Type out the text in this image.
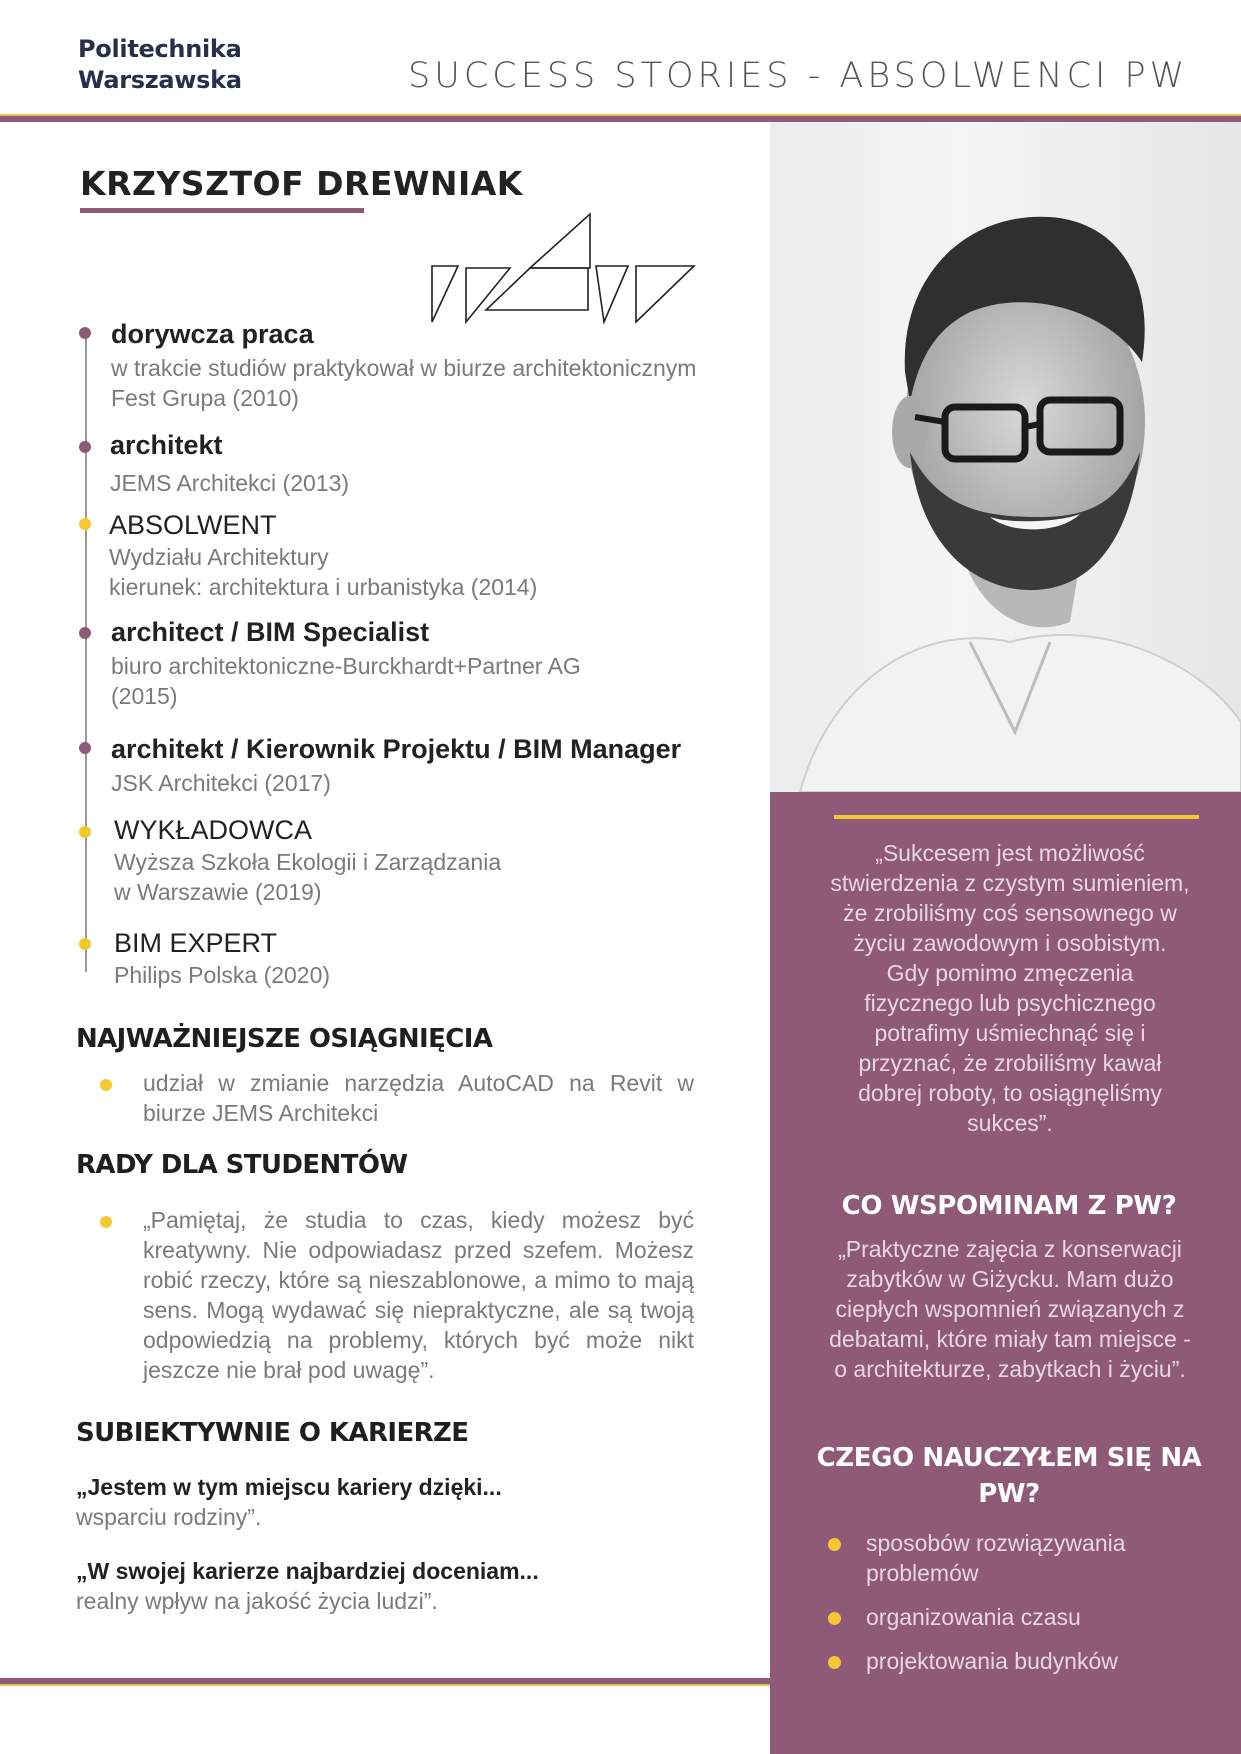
Politechnika
Warszawska	SUCCESS STORIES - ABSOLWENCI PW
„Sukcesem jest możliwość stwierdzenia z czystym sumieniem, że zrobiliśmy coś sensownego w życiu zawodowym i osobistym. Gdy pomimo zmęczenia fizycznego lub psychicznego potrafimy uśmiechnąć się i przyznać, że zrobiliśmy kawał dobrej roboty, to osiągnęliśmy sukces”.
CO WSPOMINAM Z PW?
„Praktyczne zajęcia z konserwacji zabytków w Giżycku. Mam dużo ciepłych wspomnień związanych z debatami, które miały tam miejsce - o architekturze, zabytkach i życiu”.
CZEGO NAUCZYŁEM SIĘ NA PW?
sposobów rozwiązywania problemów
organizowania czasu
projektowania budynków
KRZYSZTOF DREWNIAK
dorywcza praca
w trakcie studiów praktykował w biurze architektonicznym
Fest Grupa (2010)
architekt
JEMS Architekci (2013)
ABSOLWENT
Wydziału Architektury
kierunek: architektura i urbanistyka (2014)
architect / BIM Specialist
biuro architektoniczne-Burckhardt+Partner AG
(2015)
architekt / Kierownik Projektu / BIM Manager
JSK Architekci (2017)
WYKŁADOWCA
Wyższa Szkoła Ekologii i Zarządzania
w Warszawie (2019)
BIM EXPERT
Philips Polska (2020)
NAJWAŻNIEJSZE OSIĄGNIĘCIA
udział w zmianie narzędzia AutoCAD na Revit w biurze JEMS Architekci
RADY DLA STUDENTÓW
„Pamiętaj, że studia to czas, kiedy możesz być kreatywny. Nie odpowiadasz przed szefem. Możesz robić rzeczy, które są nieszablonowe, a mimo to mają sens. Mogą wydawać się niepraktyczne, ale są twoją odpowiedzią na problemy, których być może nikt jeszcze nie brał pod uwagę”.
SUBIEKTYWNIE O KARIERZE
„Jestem w tym miejscu kariery dzięki...
wsparciu rodziny”.
„W swojej karierze najbardziej doceniam...
realny wpływ na jakość życia ludzi”.
